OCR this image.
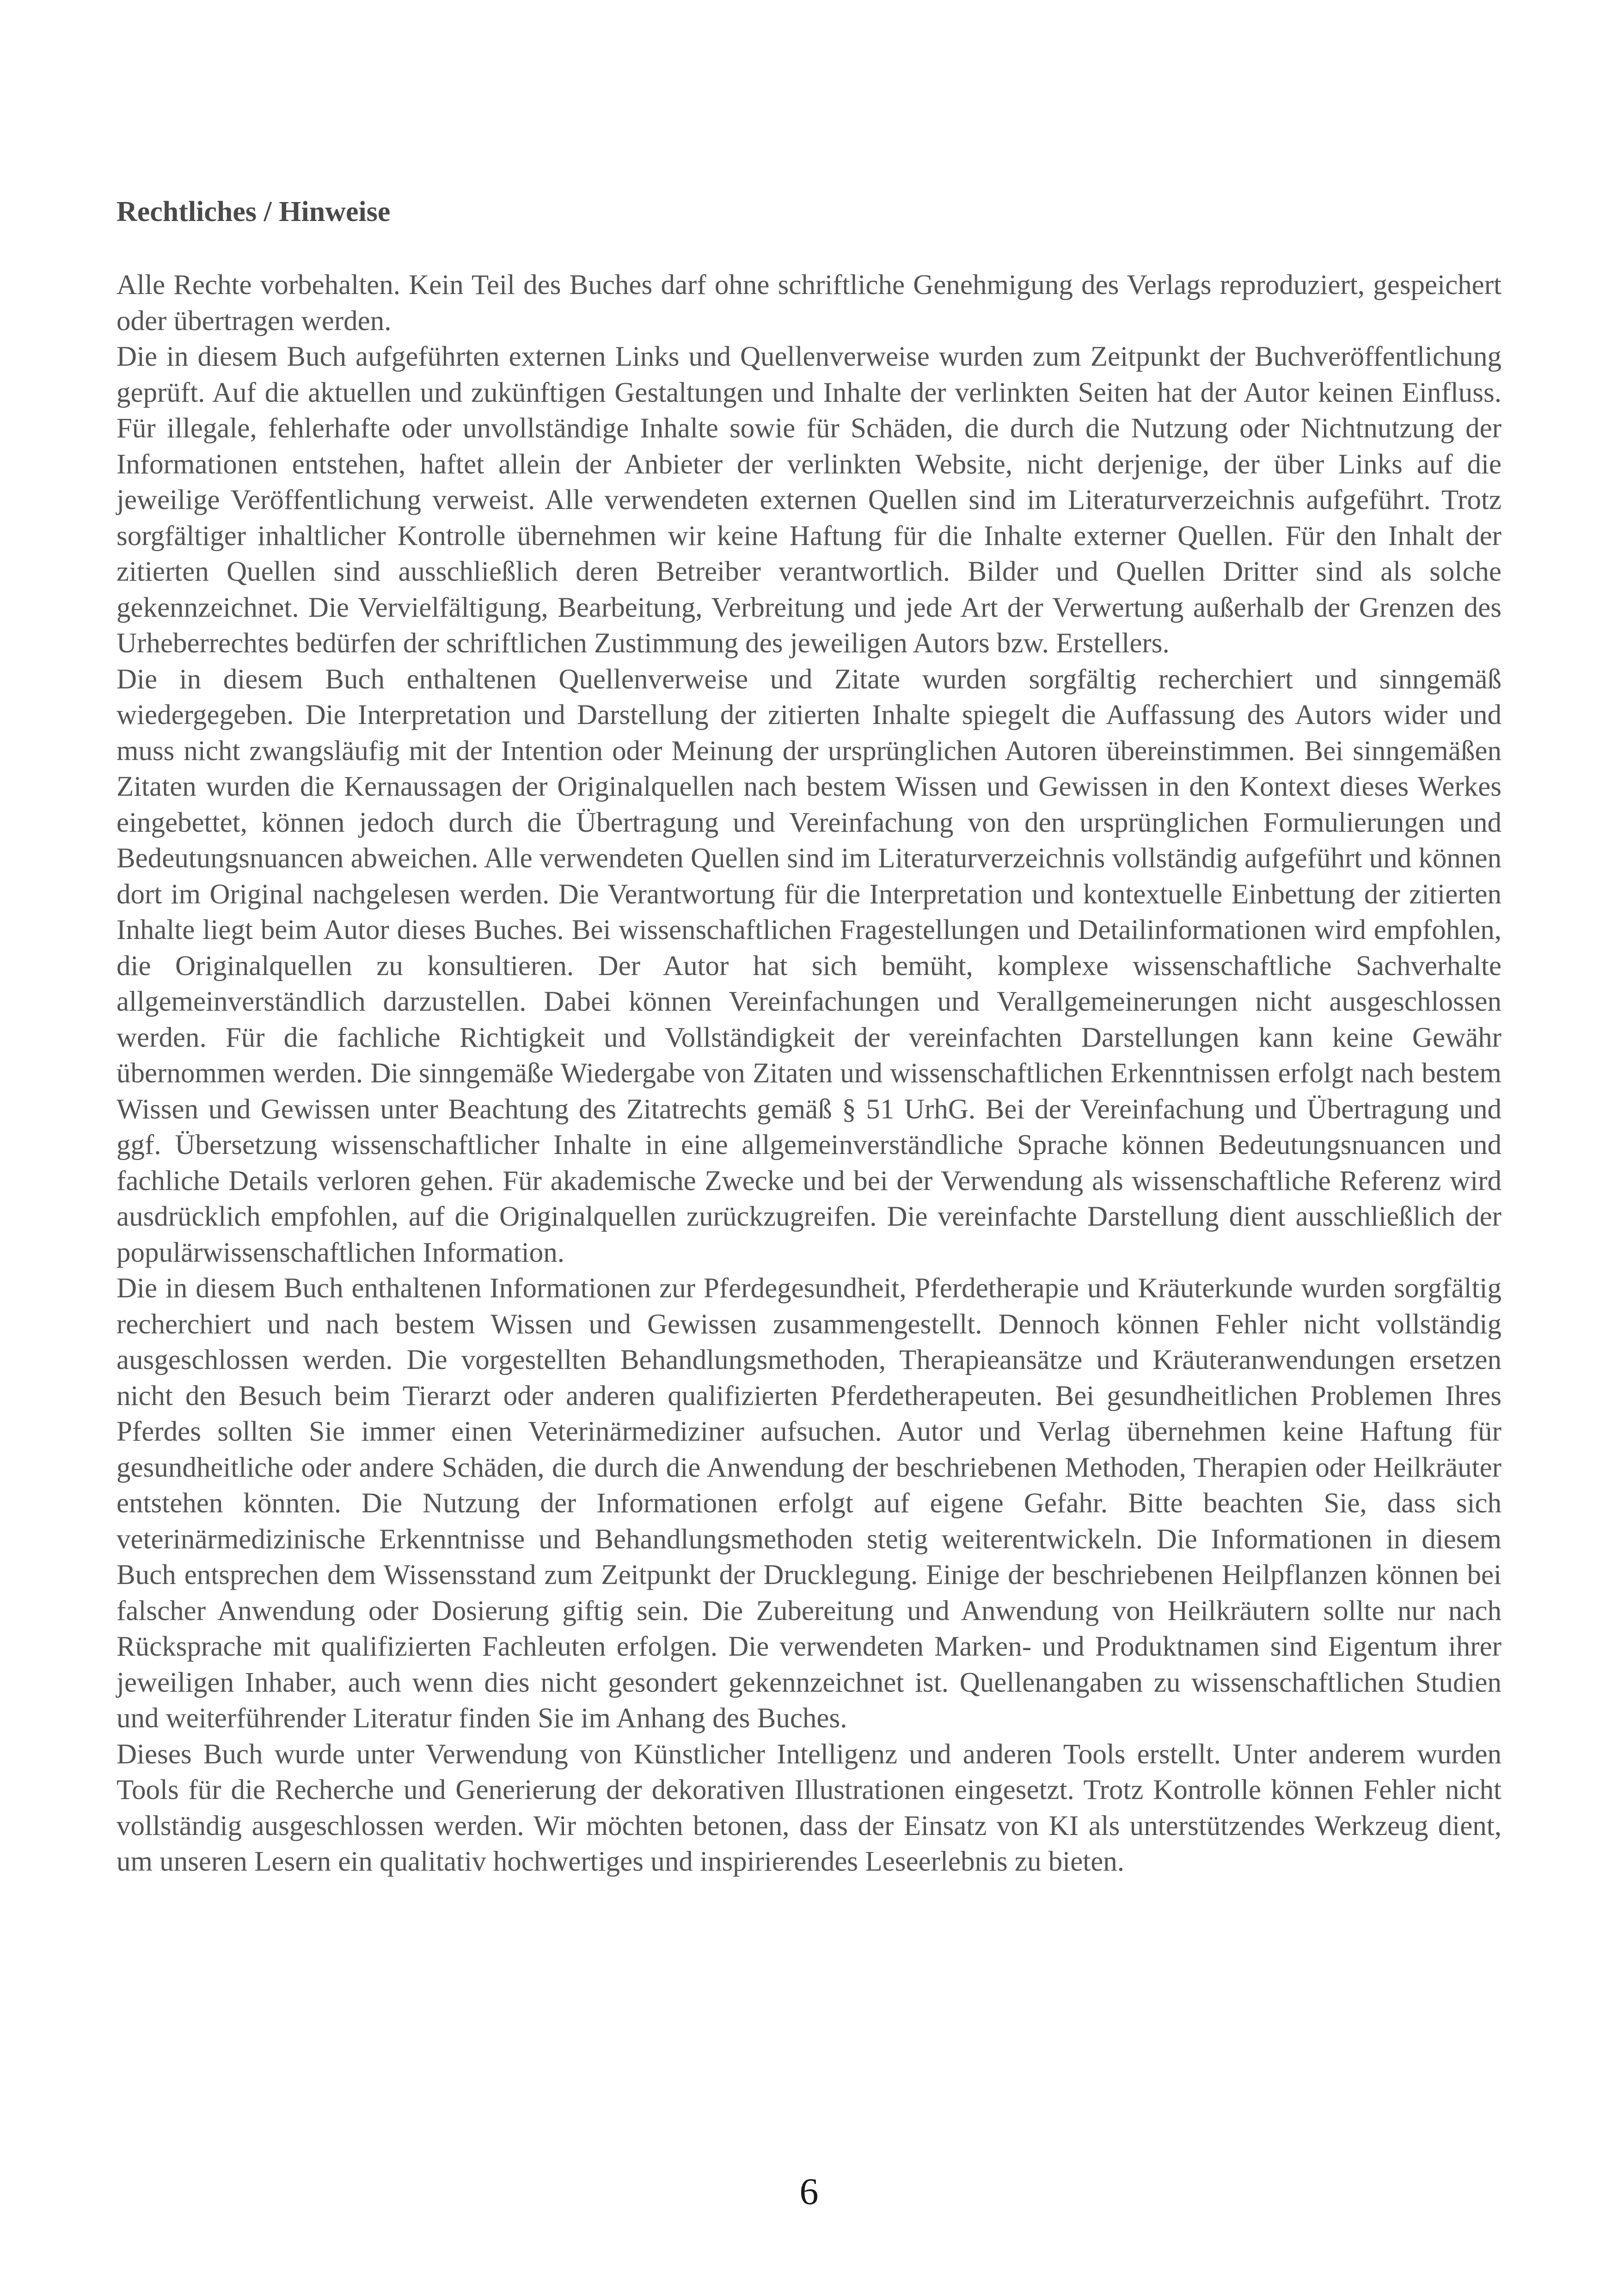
Rechtliches / Hinweise

Alle Rechte vorbehalten. Kein Teil des Buches darf ohne schriftliche Genehmigung des Verlags reproduziert, gespeichert oder übertragen werden.

Die in diesem Buch aufgeführten externen Links und Quellenverweise wurden zum Zeitpunkt der Buchveröffentlichung geprüft. Auf die aktuellen und zukünftigen Gestaltungen und Inhalte der verlinkten Seiten hat der Autor keinen Einfluss. Für illegale, fehlerhafte oder unvollständige Inhalte sowie für Schäden, die durch die Nutzung oder Nichtnutzung der Informationen entstehen, haftet allein der Anbieter der verlinkten Website, nicht derjenige, der über Links auf die jeweilige Veröffentlichung verweist. Alle verwendeten externen Quellen sind im Literaturverzeichnis aufgeführt. Trotz sorgfältiger inhaltlicher Kontrolle übernehmen wir keine Haftung für die Inhalte externer Quellen. Für den Inhalt der zitierten Quellen sind ausschließlich deren Betreiber verantwortlich. Bilder und Quellen Dritter sind als solche gekennzeichnet. Die Vervielfältigung, Bearbeitung, Verbreitung und jede Art der Verwertung außerhalb der Grenzen des Urheberrechtes bedürfen der schriftlichen Zustimmung des jeweiligen Autors bzw. Erstellers.

Die in diesem Buch enthaltenen Quellenverweise und Zitate wurden sorgfältig recherchiert und sinngemäß wiedergegeben. Die Interpretation und Darstellung der zitierten Inhalte spiegelt die Auffassung des Autors wider und muss nicht zwangsläufig mit der Intention oder Meinung der ursprünglichen Autoren übereinstimmen. Bei sinngemäßen Zitaten wurden die Kernaussagen der Originalquellen nach bestem Wissen und Gewissen in den Kontext dieses Werkes eingebettet, können jedoch durch die Übertragung und Vereinfachung von den ursprünglichen Formulierungen und Bedeutungsnuancen abweichen. Alle verwendeten Quellen sind im Literaturverzeichnis vollständig aufgeführt und können dort im Original nachgelesen werden. Die Verantwortung für die Interpretation und kontextuelle Einbettung der zitierten Inhalte liegt beim Autor dieses Buches. Bei wissenschaftlichen Fragestellungen und Detailinformationen wird empfohlen, die Originalquellen zu konsultieren. Der Autor hat sich bemüht, komplexe wissenschaftliche Sachverhalte allgemeinverständlich darzustellen. Dabei können Vereinfachungen und Verallgemeinerungen nicht ausgeschlossen werden. Für die fachliche Richtigkeit und Vollständigkeit der vereinfachten Darstellungen kann keine Gewähr übernommen werden. Die sinngemäße Wiedergabe von Zitaten und wissenschaftlichen Erkenntnissen erfolgt nach bestem Wissen und Gewissen unter Beachtung des Zitatrechts gemäß § 51 UrhG. Bei der Vereinfachung und Übertragung und ggf. Übersetzung wissenschaftlicher Inhalte in eine allgemeinverständliche Sprache können Bedeutungsnuancen und fachliche Details verloren gehen. Für akademische Zwecke und bei der Verwendung als wissenschaftliche Referenz wird ausdrücklich empfohlen, auf die Originalquellen zurückzugreifen. Die vereinfachte Darstellung dient ausschließlich der populärwissenschaftlichen Information.

Die in diesem Buch enthaltenen Informationen zur Pferdegesundheit, Pferdetherapie und Kräuterkunde wurden sorgfältig recherchiert und nach bestem Wissen und Gewissen zusammengestellt. Dennoch können Fehler nicht vollständig ausgeschlossen werden. Die vorgestellten Behandlungsmethoden, Therapieansätze und Kräuteranwendungen ersetzen nicht den Besuch beim Tierarzt oder anderen qualifizierten Pferdetherapeuten. Bei gesundheitlichen Problemen Ihres Pferdes sollten Sie immer einen Veterinärmediziner aufsuchen. Autor und Verlag übernehmen keine Haftung für gesundheitliche oder andere Schäden, die durch die Anwendung der beschriebenen Methoden, Therapien oder Heilkräuter entstehen könnten. Die Nutzung der Informationen erfolgt auf eigene Gefahr. Bitte beachten Sie, dass sich veterinärmedizinische Erkenntnisse und Behandlungsmethoden stetig weiterentwickeln. Die Informationen in diesem Buch entsprechen dem Wissensstand zum Zeitpunkt der Drucklegung. Einige der beschriebenen Heilpflanzen können bei falscher Anwendung oder Dosierung giftig sein. Die Zubereitung und Anwendung von Heilkräutern sollte nur nach Rücksprache mit qualifizierten Fachleuten erfolgen. Die verwendeten Marken- und Produktnamen sind Eigentum ihrer jeweiligen Inhaber, auch wenn dies nicht gesondert gekennzeichnet ist. Quellenangaben zu wissenschaftlichen Studien und weiterführender Literatur finden Sie im Anhang des Buches.

Dieses Buch wurde unter Verwendung von Künstlicher Intelligenz und anderen Tools erstellt. Unter anderem wurden Tools für die Recherche und Generierung der dekorativen Illustrationen eingesetzt. Trotz Kontrolle können Fehler nicht vollständig ausgeschlossen werden. Wir möchten betonen, dass der Einsatz von KI als unterstützendes Werkzeug dient, um unseren Lesern ein qualitativ hochwertiges und inspirierendes Leseerlebnis zu bieten.

6
